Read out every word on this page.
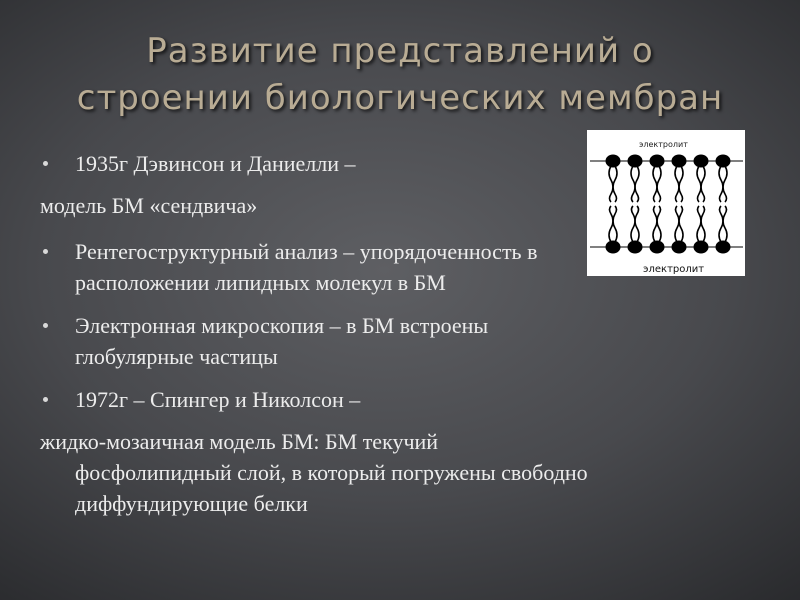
Развитие представлений о
строении биологических мембран
1935г Дэвинсон и Даниелли –
модель БМ «сендвича»
Рентегоструктурный анализ – упорядоченность в
расположении липидных молекул в БМ
Электронная микроскопия – в БМ встроены
глобулярные частицы
1972г – Спингер и Николсон –
жидко-мозаичная модель БМ: БМ текучий
фосфолипидный слой, в который погружены свободно
диффундирующие белки
электролит
электролит
